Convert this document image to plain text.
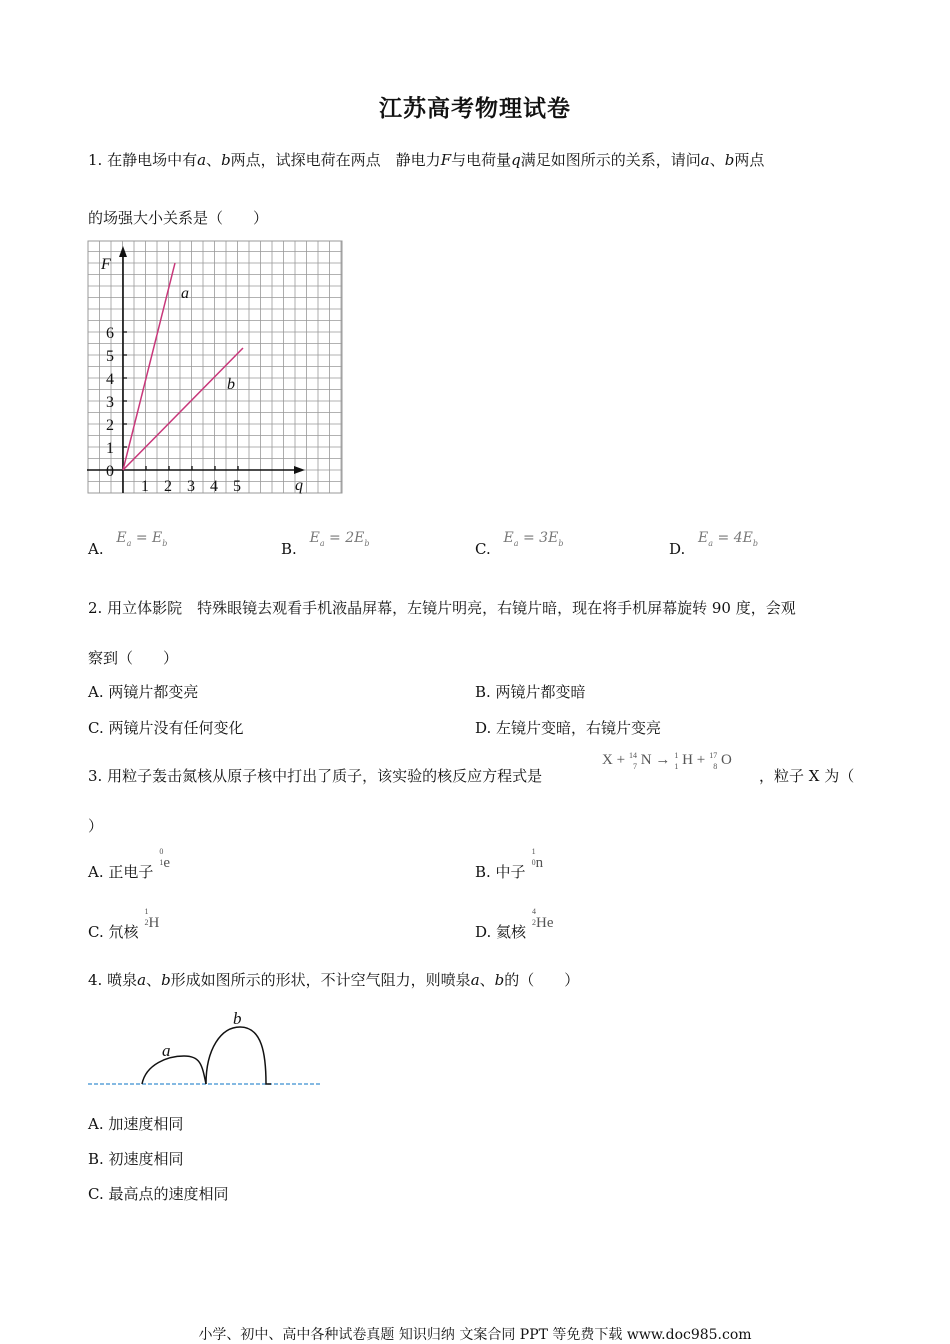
江苏高考物理试卷
1. 在静电场中有a、b两点，试探电荷在两点　静电力F与电荷量q满足如图所示的关系，请问a、b两点
的场强大小关系是（　　）
F
q
a
b
0
1
2
3
4
5
6
1 2 3 4 5
A. $E_a = E_b$	B. $E_a = 2E_b$	C. $E_a = 3E_b$	D. $E_a = 4E_b$
2. 用立体影院　特殊眼镜去观看手机液晶屏幕，左镜片明亮，右镜片暗，现在将手机屏幕旋转 90 度，会观
察到（　　）
A. 两镜片都变亮	B. 两镜片都变暗
C. 两镜片没有任何变化	D. 左镜片变暗，右镜片变亮
3. 用粒子轰击氮核从原子核中打出了质子，该实验的核反应方程式是
X + 14
7 N → 1
1 H + 17
8 O
，粒子 X 为（
）
A. 正电子
0
1 e	B. 中子
1
0 n
C. 氘核
1
2 H	D. 氦核
4
2 He
4. 喷泉a、b形成如图所示的形状，不计空气阻力，则喷泉a、b的（　　）
a
b
A. 加速度相同
B. 初速度相同
C. 最高点的速度相同
小学、初中、高中各种试卷真题 知识归纳 文案合同 PPT 等免费下载 www.doc985.com
